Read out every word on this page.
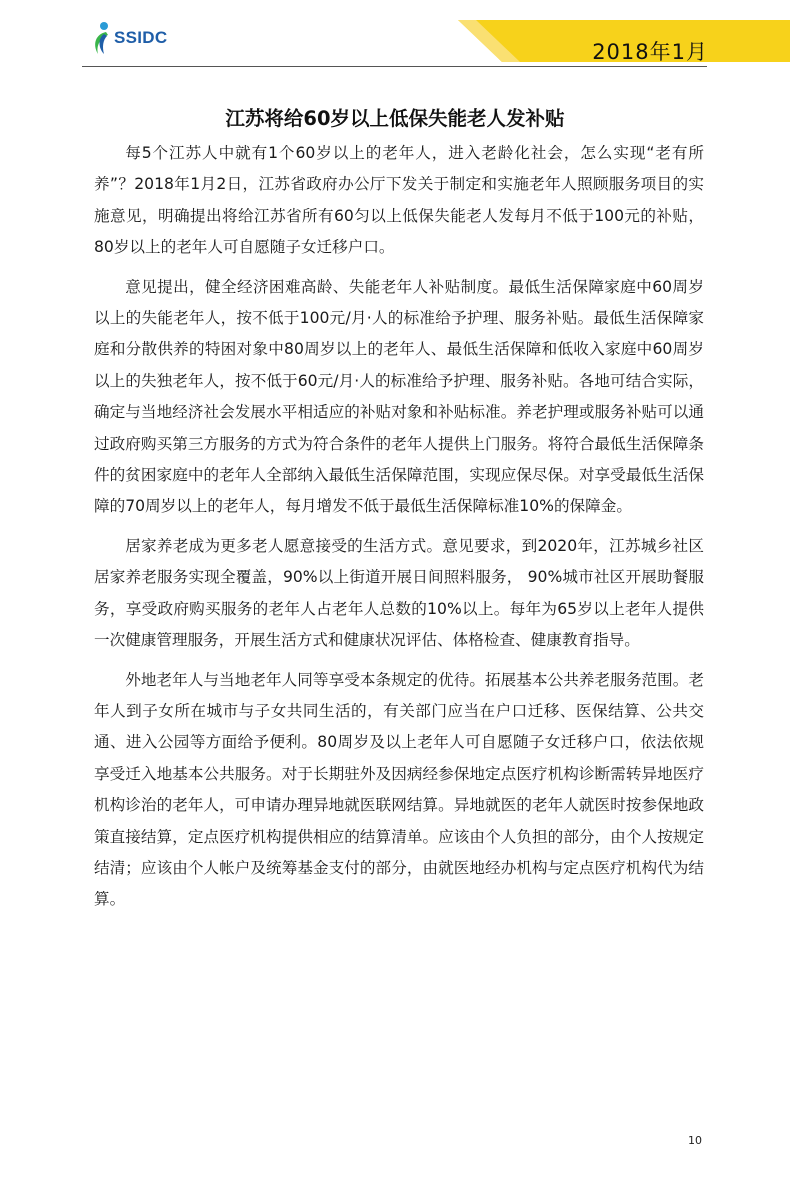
SSIDC
2018年1月
江苏将给60岁以上低保失能老人发补贴

每5个江苏人中就有1个60岁以上的老年人，进入老龄化社会，怎么实现“老有所养”？2018年1月2日，江苏省政府办公厅下发关于制定和实施老年人照顾服务项目的实施意见，明确提出将给江苏省所有60匀以上低保失能老人发每月不低于100元的补贴，80岁以上的老年人可自愿随子女迁移户口。

意见提出，健全经济困难高龄、失能老年人补贴制度。最低生活保障家庭中60周岁以上的失能老年人，按不低于100元/月·人的标准给予护理、服务补贴。最低生活保障家庭和分散供养的特困对象中80周岁以上的老年人、最低生活保障和低收入家庭中60周岁以上的失独老年人，按不低于60元/月·人的标准给予护理、服务补贴。各地可结合实际，确定与当地经济社会发展水平相适应的补贴对象和补贴标准。养老护理或服务补贴可以通过政府购买第三方服务的方式为符合条件的老年人提供上门服务。将符合最低生活保障条件的贫困家庭中的老年人全部纳入最低生活保障范围，实现应保尽保。对享受最低生活保障的70周岁以上的老年人，每月增发不低于最低生活保障标准10%的保障金。

居家养老成为更多老人愿意接受的生活方式。意见要求，到2020年，江苏城乡社区居家养老服务实现全覆盖，90%以上街道开展日间照料服务， 90%城市社区开展助餐服务，享受政府购买服务的老年人占老年人总数的10%以上。每年为65岁以上老年人提供一次健康管理服务，开展生活方式和健康状况评估、体格检查、健康教育指导。

外地老年人与当地老年人同等享受本条规定的优待。拓展基本公共养老服务范围。老年人到子女所在城市与子女共同生活的，有关部门应当在户口迁移、医保结算、公共交通、进入公园等方面给予便利。80周岁及以上老年人可自愿随子女迁移户口，依法依规享受迁入地基本公共服务。对于长期驻外及因病经参保地定点医疗机构诊断需转异地医疗机构诊治的老年人，可申请办理异地就医联网结算。异地就医的老年人就医时按参保地政策直接结算，定点医疗机构提供相应的结算清单。应该由个人负担的部分，由个人按规定结清；应该由个人帐户及统筹基金支付的部分，由就医地经办机构与定点医疗机构代为结算。

10
